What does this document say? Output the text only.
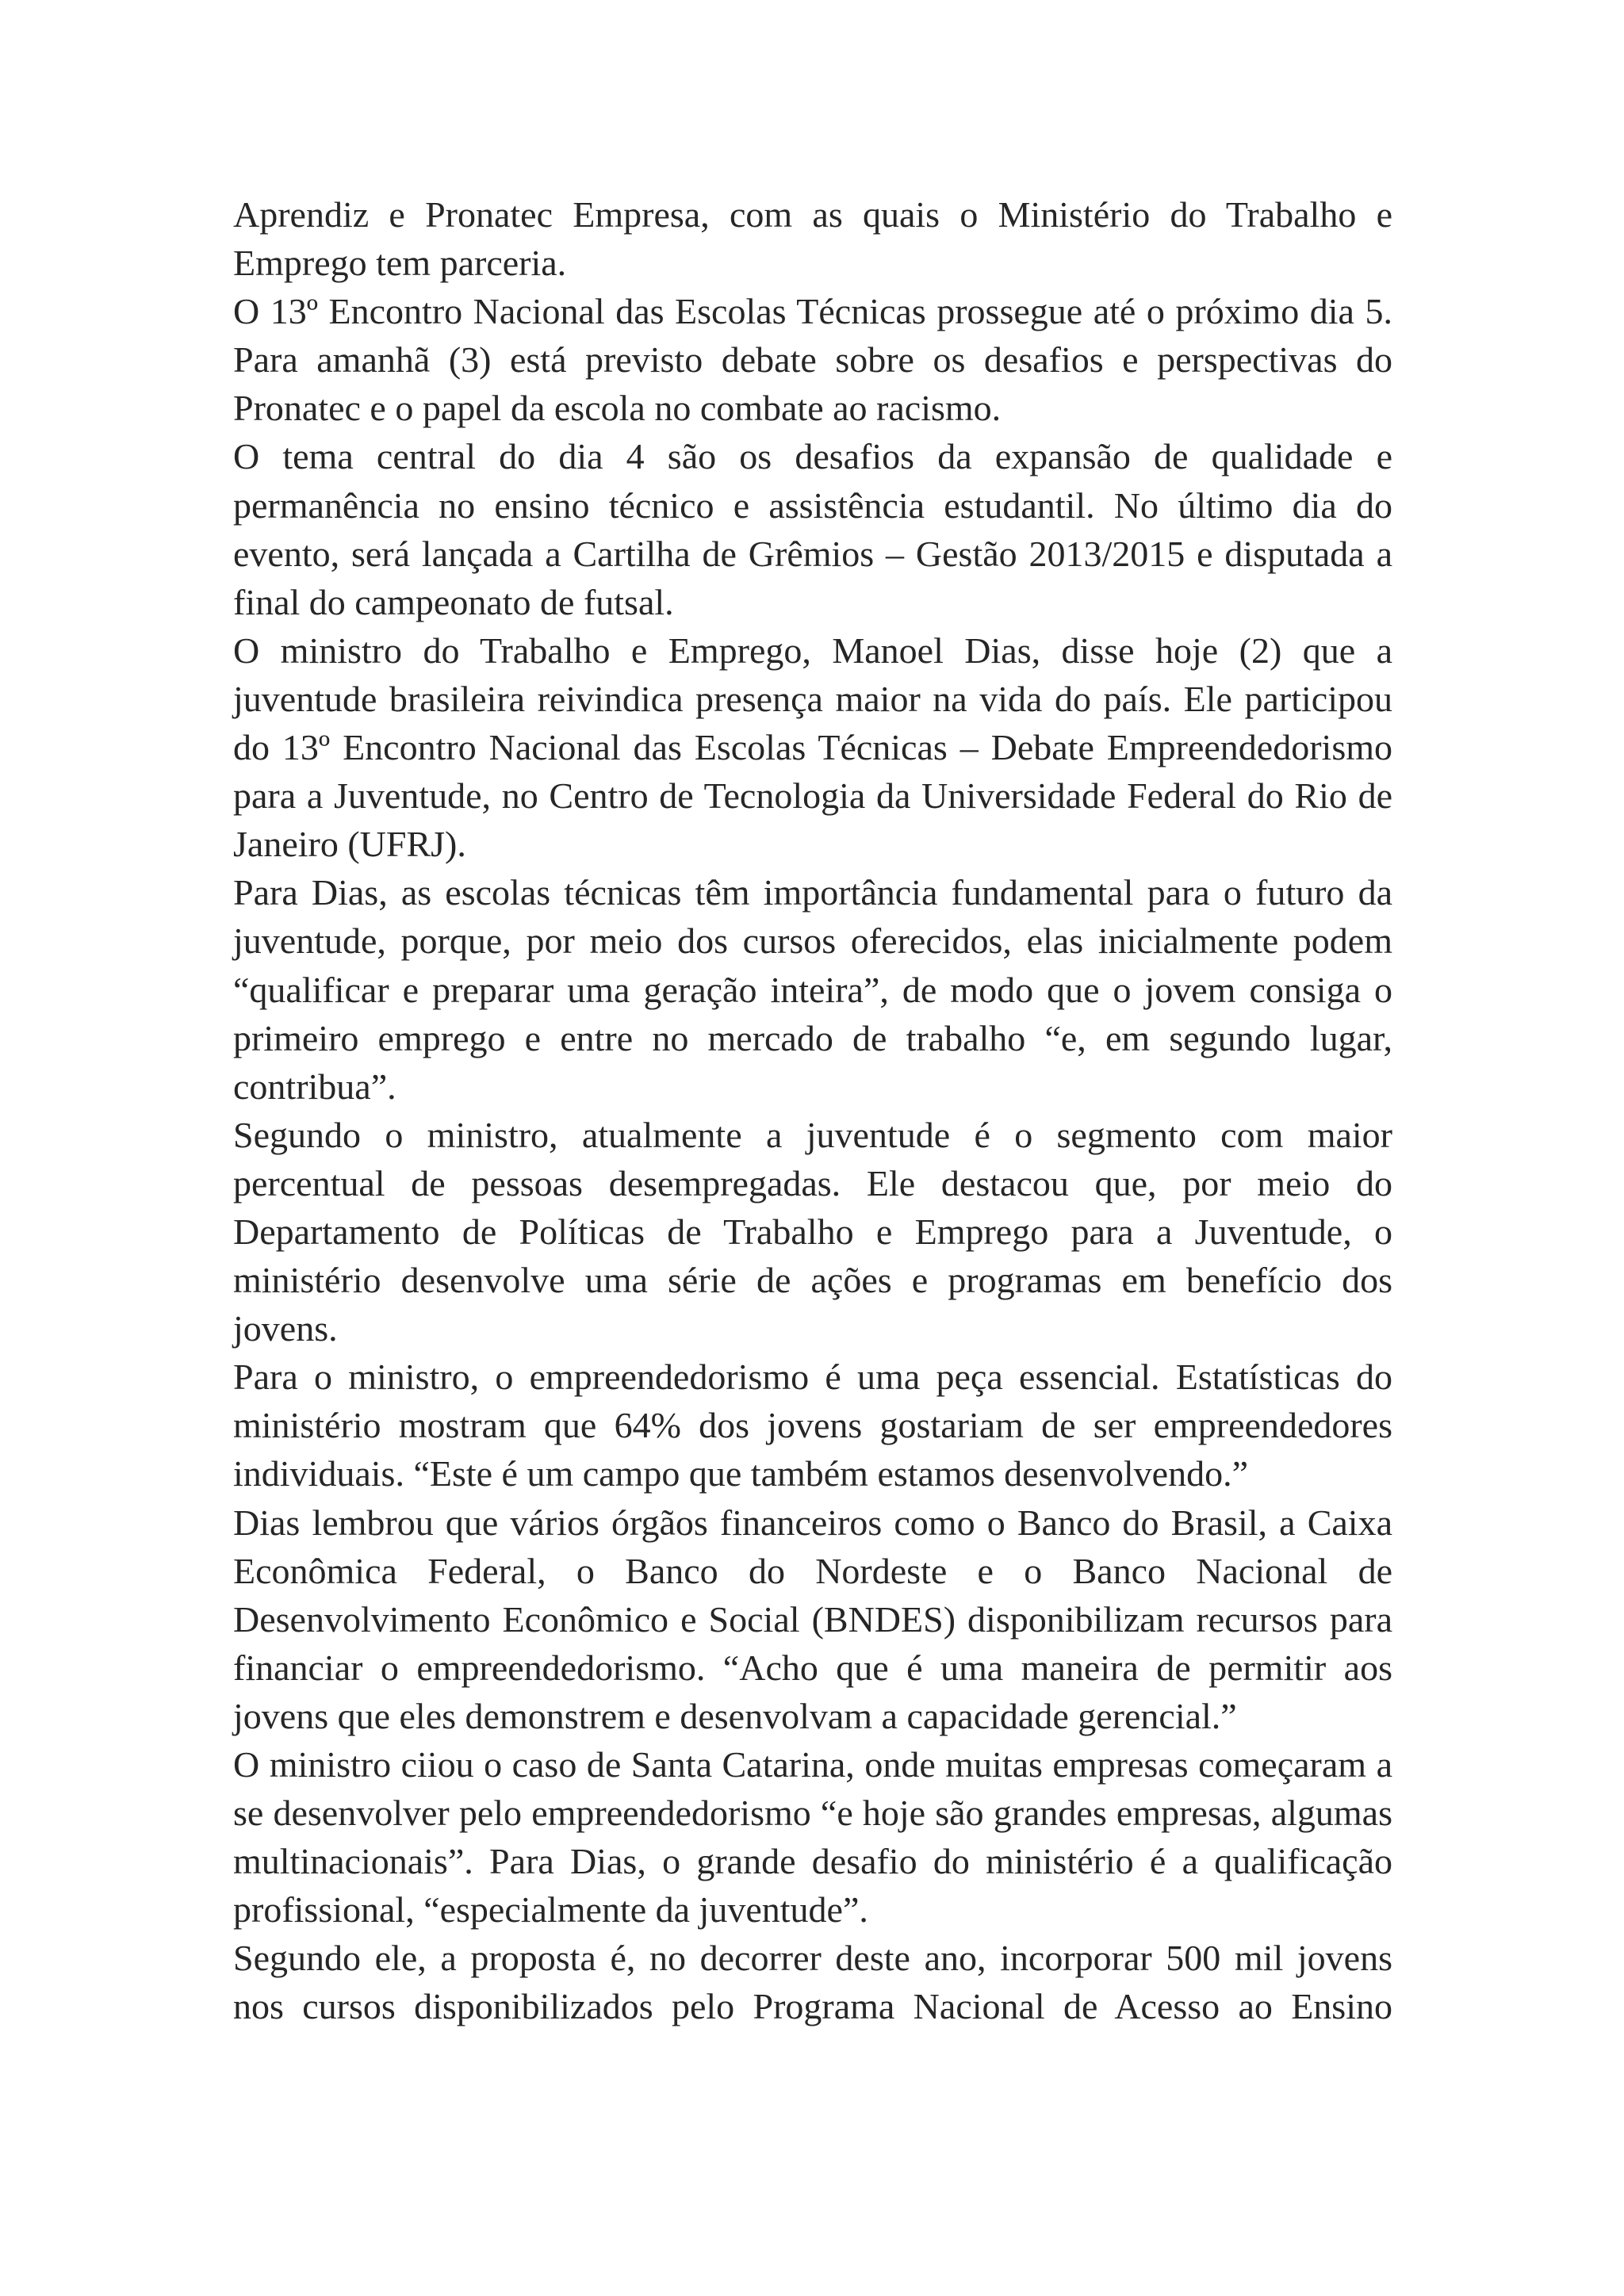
Aprendiz e Pronatec Empresa, com as quais o Ministério do Trabalho e Emprego tem parceria.

O 13º Encontro Nacional das Escolas Técnicas prossegue até o próximo dia 5. Para amanhã (3) está previsto debate sobre os desafios e perspectivas do Pronatec e o papel da escola no combate ao racismo.

O tema central do dia 4 são os desafios da expansão de qualidade e permanência no ensino técnico e assistência estudantil. No último dia do evento, será lançada a Cartilha de Grêmios – Gestão 2013/2015 e disputada a final do campeonato de futsal.

O ministro do Trabalho e Emprego, Manoel Dias, disse hoje (2) que a juventude brasileira reivindica presença maior na vida do país. Ele participou do 13º Encontro Nacional das Escolas Técnicas – Debate Empreendedorismo para a Juventude, no Centro de Tecnologia da Universidade Federal do Rio de Janeiro (UFRJ).

Para Dias, as escolas técnicas têm importância fundamental para o futuro da juventude, porque, por meio dos cursos oferecidos, elas inicialmente podem “qualificar e preparar uma geração inteira”, de modo que o jovem consiga o primeiro emprego e entre no mercado de trabalho “e, em segundo lugar, contribua”.

Segundo o ministro, atualmente a juventude é o segmento com maior percentual de pessoas desempregadas. Ele destacou que, por meio do Departamento de Políticas de Trabalho e Emprego para a Juventude, o ministério desenvolve uma série de ações e programas em benefício dos jovens.

Para o ministro, o empreendedorismo é uma peça essencial. Estatísticas do ministério mostram que 64% dos jovens gostariam de ser empreendedores individuais. “Este é um campo que também estamos desenvolvendo.”

Dias lembrou que vários órgãos financeiros como o Banco do Brasil, a Caixa Econômica Federal, o Banco do Nordeste e o Banco Nacional de Desenvolvimento Econômico e Social (BNDES) disponibilizam recursos para financiar o empreendedorismo. “Acho que é uma maneira de permitir aos jovens que eles demonstrem e desenvolvam a capacidade gerencial.”

O ministro ciiou o caso de Santa Catarina, onde muitas empresas começaram a se desenvolver pelo empreendedorismo “e hoje são grandes empresas, algumas multinacionais”. Para Dias, o grande desafio do ministério é a qualificação profissional, “especialmente da juventude”.

Segundo ele, a proposta é, no decorrer deste ano, incorporar 500 mil jovens nos cursos disponibilizados pelo Programa Nacional de Acesso ao Ensino
